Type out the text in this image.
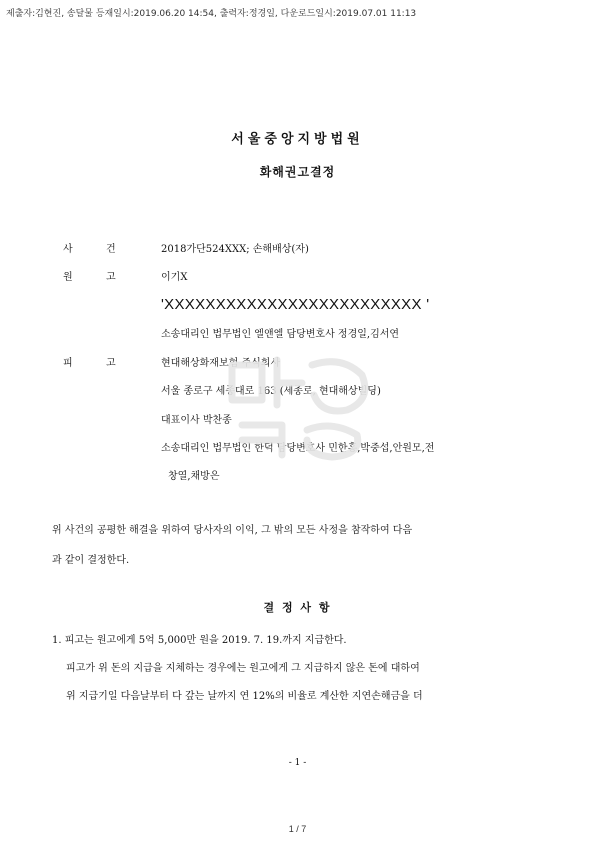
제출자:김현진, 송달물 등재일시:2019.06.20 14:54, 출력자:정경일, 다운로드일시:2019.07.01 11:13
서울중앙지방법원
화해권고결정
사	건	2018가단524XXX; 손해배상(자)
원	고	이기X
'XXXXXXXXXXXXXXXXXXXXXXXXX '
소송대리인 법무법인 엘앤엘 담당변호사 정경일,김서연
피	고	현대해상화재보험 주식회사
서울 종로구 세종대로 163 (세종로, 현대해상빌딩)
대표이사 박찬종
소송대리인 법무법인 한덕 담당변호사 민한홍,박중섭,안원모,전
창열,채방은
위 사건의 공평한 해결을 위하여 당사자의 이익, 그 밖의 모든 사정을 참작하여 다음
과 같이 결정한다.
결 정 사 항
1. 피고는 원고에게 5억 5,000만 원을 2019. 7. 19.까지 지급한다.
피고가 위 돈의 지급을 지체하는 경우에는 원고에게 그 지급하지 않은 돈에 대하여
위 지급기일 다음날부터 다 갚는 날까지 연 12%의 비율로 계산한 지연손해금을 더
- 1 -
1 / 7
